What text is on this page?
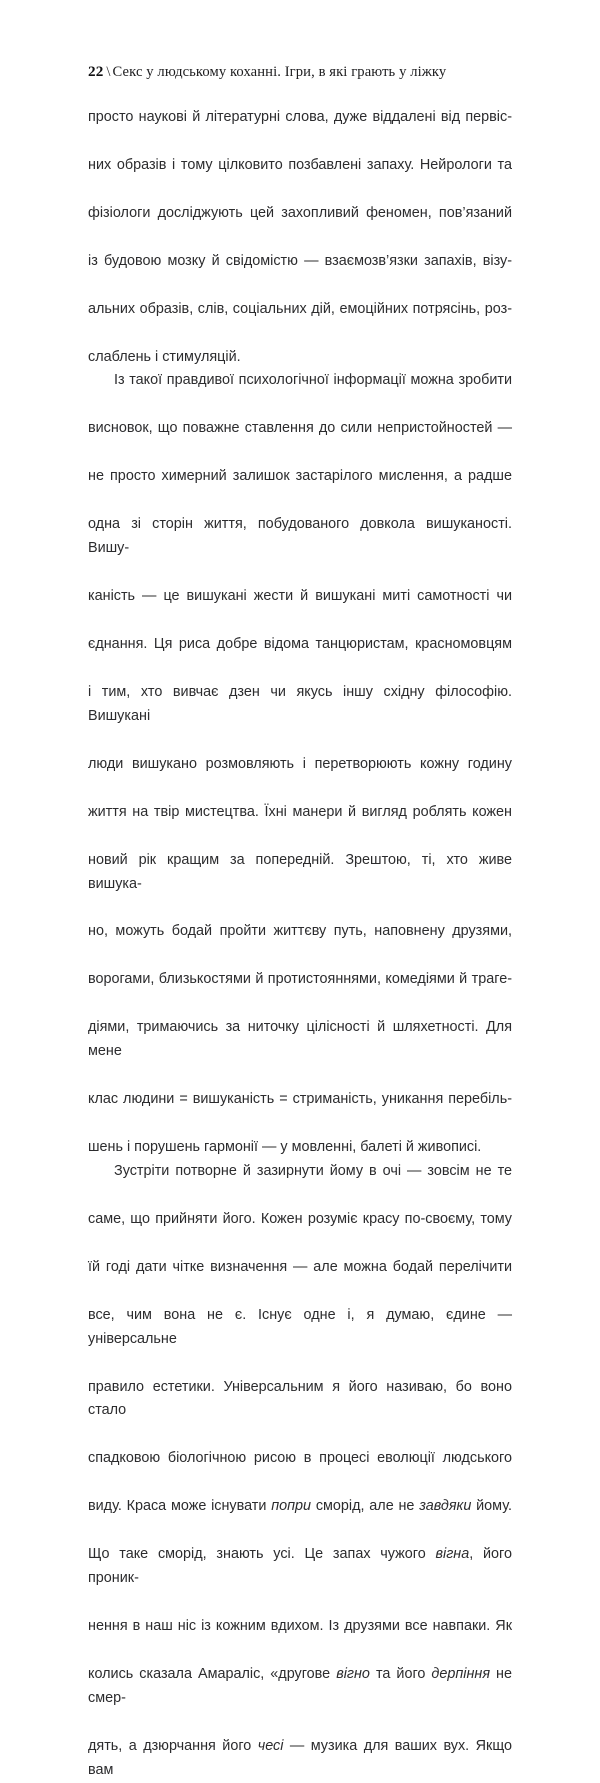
22 \ Секс у людському коханні. Ігри, в які грають у ліжку

просто наукові й літературні слова, дуже віддалені від первіс-
них образів і тому цілковито позбавлені запаху. Нейрологи та
фізіологи досліджують цей захопливий феномен, пов’язаний
із будовою мозку й свідомістю — взаємозв’язки запахів, візу-
альних образів, слів, соціальних дій, емоційних потрясінь, роз-
слаблень і стимуляцій.

Із такої правдивої психологічної інформації можна зробити
висновок, що поважне ставлення до сили непристойностей —
не просто химерний залишок застарілого мислення, а радше
одна зі сторін життя, побудованого довкола вишуканості. Вишу-
каність — це вишукані жести й вишукані миті самотності чи
єднання. Ця риса добре відома танцюристам, красномовцям
і тим, хто вивчає дзен чи якусь іншу східну філософію. Вишукані
люди вишукано розмовляють і перетворюють кожну годину
життя на твір мистецтва. Їхні манери й вигляд роблять кожен
новий рік кращим за попередній. Зрештою, ті, хто живе вишука-
но, можуть бодай пройти життєву путь, наповнену друзями,
ворогами, близькостями й протистояннями, комедіями й траге-
діями, тримаючись за ниточку цілісності й шляхетності. Для мене
клас людини = вишуканість = стриманість, уникання перебіль-
шень і порушень гармонії — у мовленні, балеті й живописі.

Зустріти потворне й зазирнути йому в очі — зовсім не те
саме, що прийняти його. Кожен розуміє красу по-своєму, тому
їй годі дати чітке визначення — але можна бодай перелічити
все, чим вона не є. Існує одне і, я думаю, єдине — універсальне
правило естетики. Універсальним я його називаю, бо воно стало
спадковою біологічною рисою в процесі еволюції людського
виду. Краса може існувати попри сморід, але не завдяки йому.
Що таке сморід, знають усі. Це запах чужого вігна, його проник-
нення в наш ніс із кожним вдихом. Із друзями все навпаки. Як
колись сказала Амараліс, «другове вігно та його дерпіння не смер-
дять, а дзюрчання його чесі — музика для ваших вух. Якщо вам
